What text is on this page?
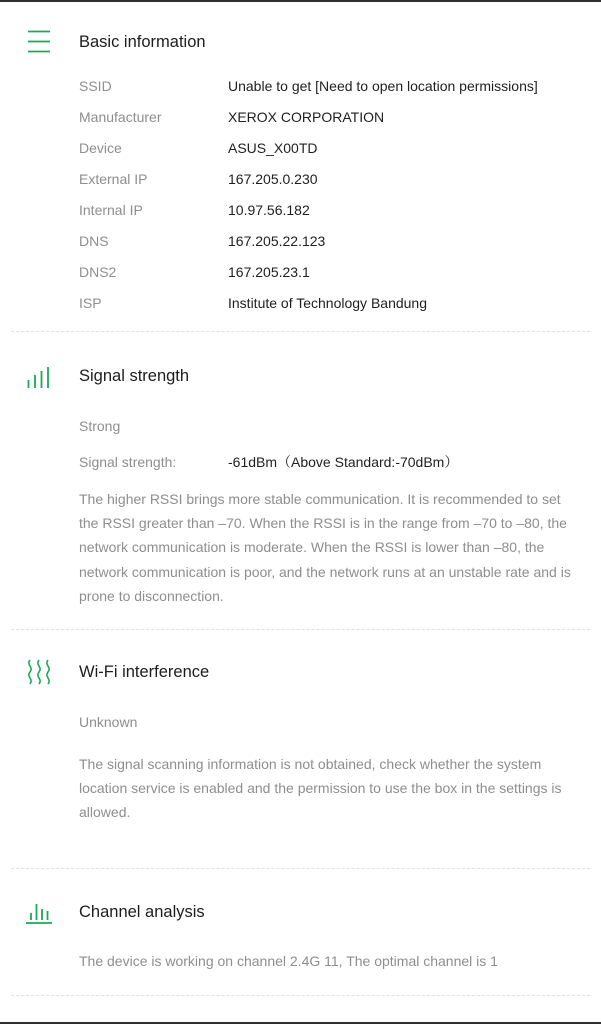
Basic information
SSID	Unable to get [Need to open location permissions]
Manufacturer	XEROX CORPORATION
Device	ASUS_X00TD
External IP	167.205.0.230
Internal IP	10.97.56.182
DNS	167.205.22.123
DNS2	167.205.23.1
ISP	Institute of Technology Bandung
Signal strength
Strong
Signal strength:	-61dBm（Above Standard:-70dBm）
The higher RSSI brings more stable communication. It is recommended to set the RSSI greater than –70. When the RSSI is in the range from –70 to –80, the network communication is moderate. When the RSSI is lower than –80, the network communication is poor, and the network runs at an unstable rate and is prone to disconnection.
Wi-Fi interference
Unknown
The signal scanning information is not obtained, check whether the system location service is enabled and the permission to use the box in the settings is allowed.
Channel analysis
The device is working on channel 2.4G 11, The optimal channel is 1
